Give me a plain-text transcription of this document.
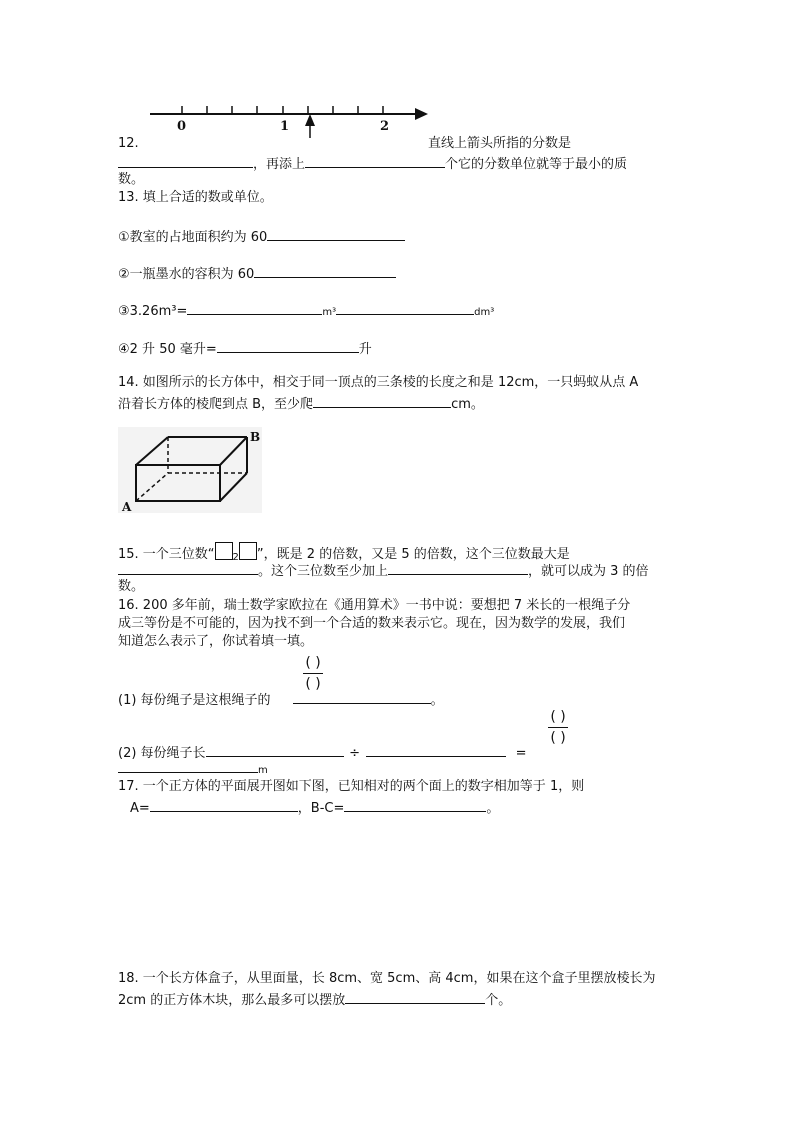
0	1	2
12.	直线上箭头所指的分数是
，再添上	个它的分数单位就等于最小的质
数。
13. 填上合适的数或单位。
①教室的占地面积约为 60
②一瓶墨水的容积为 60
③3.26m³=	m³	dm³
④2 升 50 毫升=	升
14. 如图所示的长方体中，相交于同一顶点的三条棱的长度之和是 12cm，一只蚂蚁从点 A
沿着长方体的棱爬到点 B，至少爬	cm。
A
B
15. 一个三位数“ $_2$ ”，既是 2 的倍数，又是 5 的倍数，这个三位数最大是
。这个三位数至少加上	，就可以成为 3 的倍
数。
16. 200 多年前，瑞士数学家欧拉在《通用算术》一书中说：要想把 7 米长的一根绳子分
成三等份是不可能的，因为找不到一个合适的数来表示它。现在，因为数学的发展，我们
知道怎么表示了，你试着填一填。
( )
( )
(1) 每份绳子是这根绳子的	。
( )
( )
(2) 每份绳子长	÷	=
m
17. 一个正方体的平面展开图如下图，已知相对的两个面上的数字相加等于 1，则
A=	，B-C=	。
18. 一个长方体盒子，从里面量，长 8cm、宽 5cm、高 4cm，如果在这个盒子里摆放棱长为
2cm 的正方体木块，那么最多可以摆放	个。
